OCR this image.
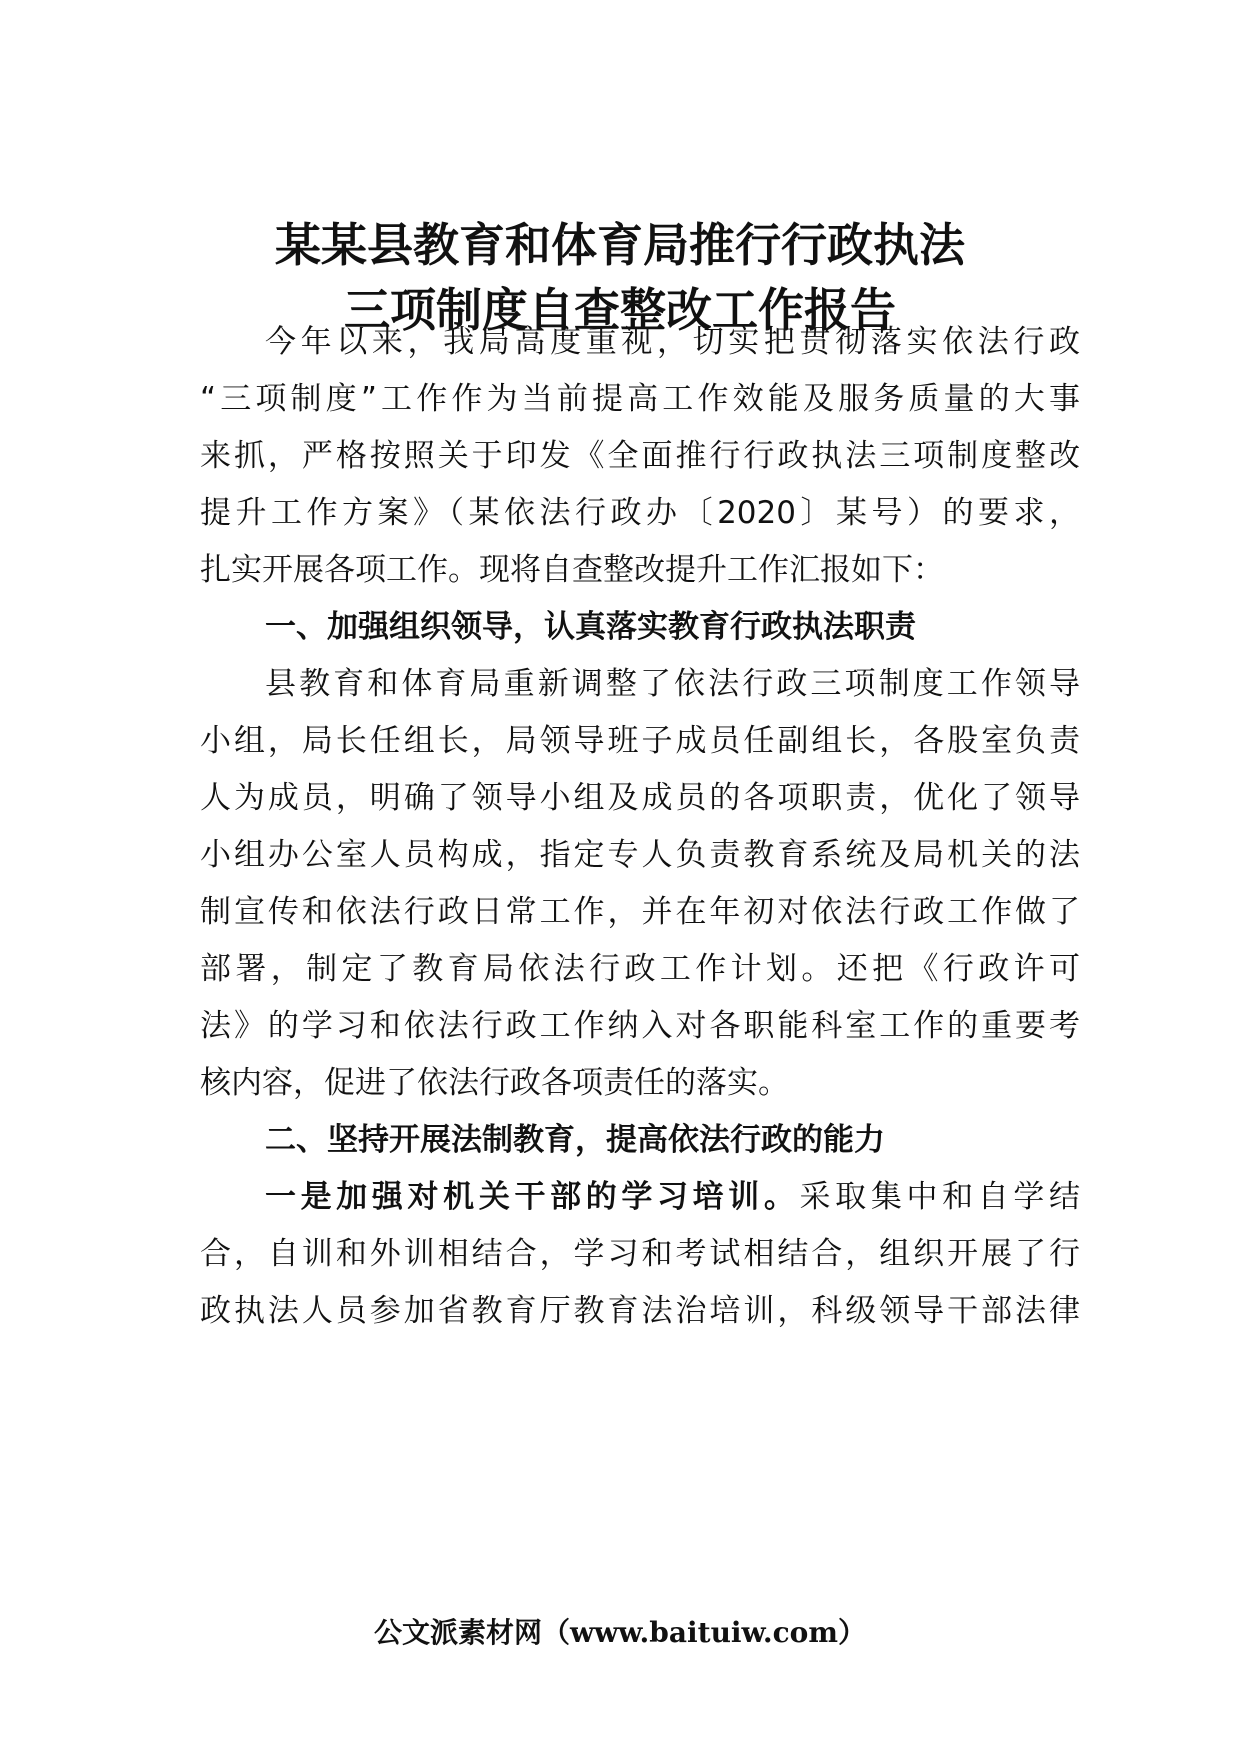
某某县教育和体育局推行行政执法
三项制度自查整改工作报告
今年以来，我局高度重视，切实把贯彻落实依法行政
“三项制度”工作作为当前提高工作效能及服务质量的大事
来抓，严格按照关于印发《全面推行行政执法三项制度整改
提升工作方案》（某依法行政办〔2020〕某号）的要求，
扎实开展各项工作。现将自查整改提升工作汇报如下：
一、加强组织领导，认真落实教育行政执法职责
县教育和体育局重新调整了依法行政三项制度工作领导
小组，局长任组长，局领导班子成员任副组长，各股室负责
人为成员，明确了领导小组及成员的各项职责，优化了领导
小组办公室人员构成，指定专人负责教育系统及局机关的法
制宣传和依法行政日常工作，并在年初对依法行政工作做了
部署，制定了教育局依法行政工作计划。还把《行政许可
法》的学习和依法行政工作纳入对各职能科室工作的重要考
核内容，促进了依法行政各项责任的落实。
二、坚持开展法制教育，提高依法行政的能力
一是加强对机关干部的学习培训。采取集中和自学结
合，自训和外训相结合，学习和考试相结合，组织开展了行
政执法人员参加省教育厅教育法治培训，科级领导干部法律
公文派素材网（www.baituiw.com）
